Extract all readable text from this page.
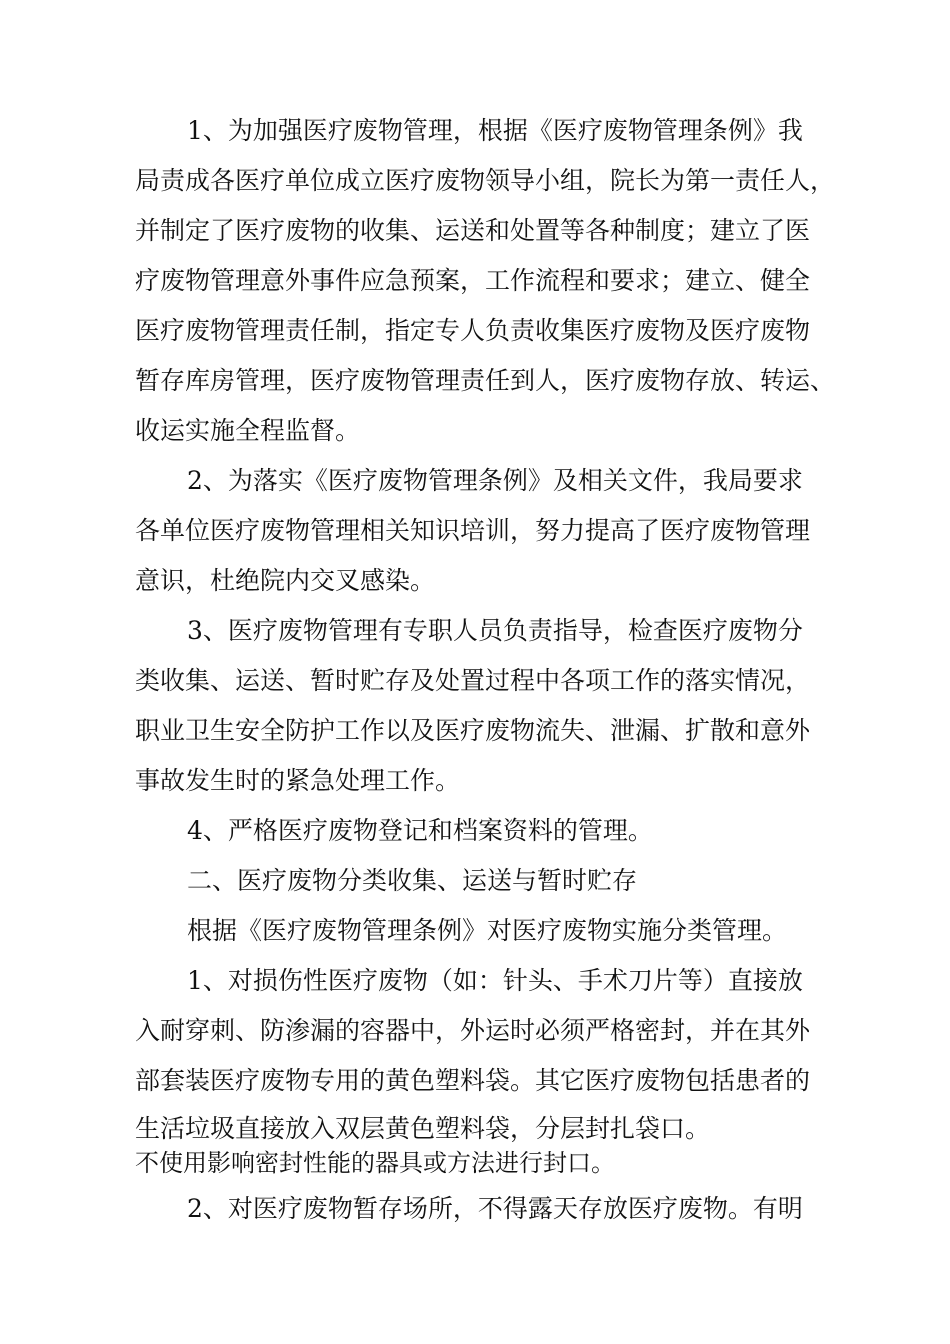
1、为加强医疗废物管理，根据《医疗废物管理条例》我
局责成各医疗单位成立医疗废物领导小组，院长为第一责任人，
并制定了医疗废物的收集、运送和处置等各种制度；建立了医
疗废物管理意外事件应急预案，工作流程和要求；建立、健全
医疗废物管理责任制，指定专人负责收集医疗废物及医疗废物
暂存库房管理，医疗废物管理责任到人，医疗废物存放、转运、
收运实施全程监督。
2、为落实《医疗废物管理条例》及相关文件，我局要求
各单位医疗废物管理相关知识培训，努力提高了医疗废物管理
意识，杜绝院内交叉感染。
3、医疗废物管理有专职人员负责指导，检查医疗废物分
类收集、运送、暂时贮存及处置过程中各项工作的落实情况，
职业卫生安全防护工作以及医疗废物流失、泄漏、扩散和意外
事故发生时的紧急处理工作。
4、严格医疗废物登记和档案资料的管理。
二、医疗废物分类收集、运送与暂时贮存
根据《医疗废物管理条例》对医疗废物实施分类管理。
1、对损伤性医疗废物（如：针头、手术刀片等）直接放
入耐穿刺、防渗漏的容器中，外运时必须严格密封，并在其外
部套装医疗废物专用的黄色塑料袋。其它医疗废物包括患者的
生活垃圾直接放入双层黄色塑料袋，分层封扎袋口。
不使用影响密封性能的器具或方法进行封口。
2、对医疗废物暂存场所，不得露天存放医疗废物。有明
